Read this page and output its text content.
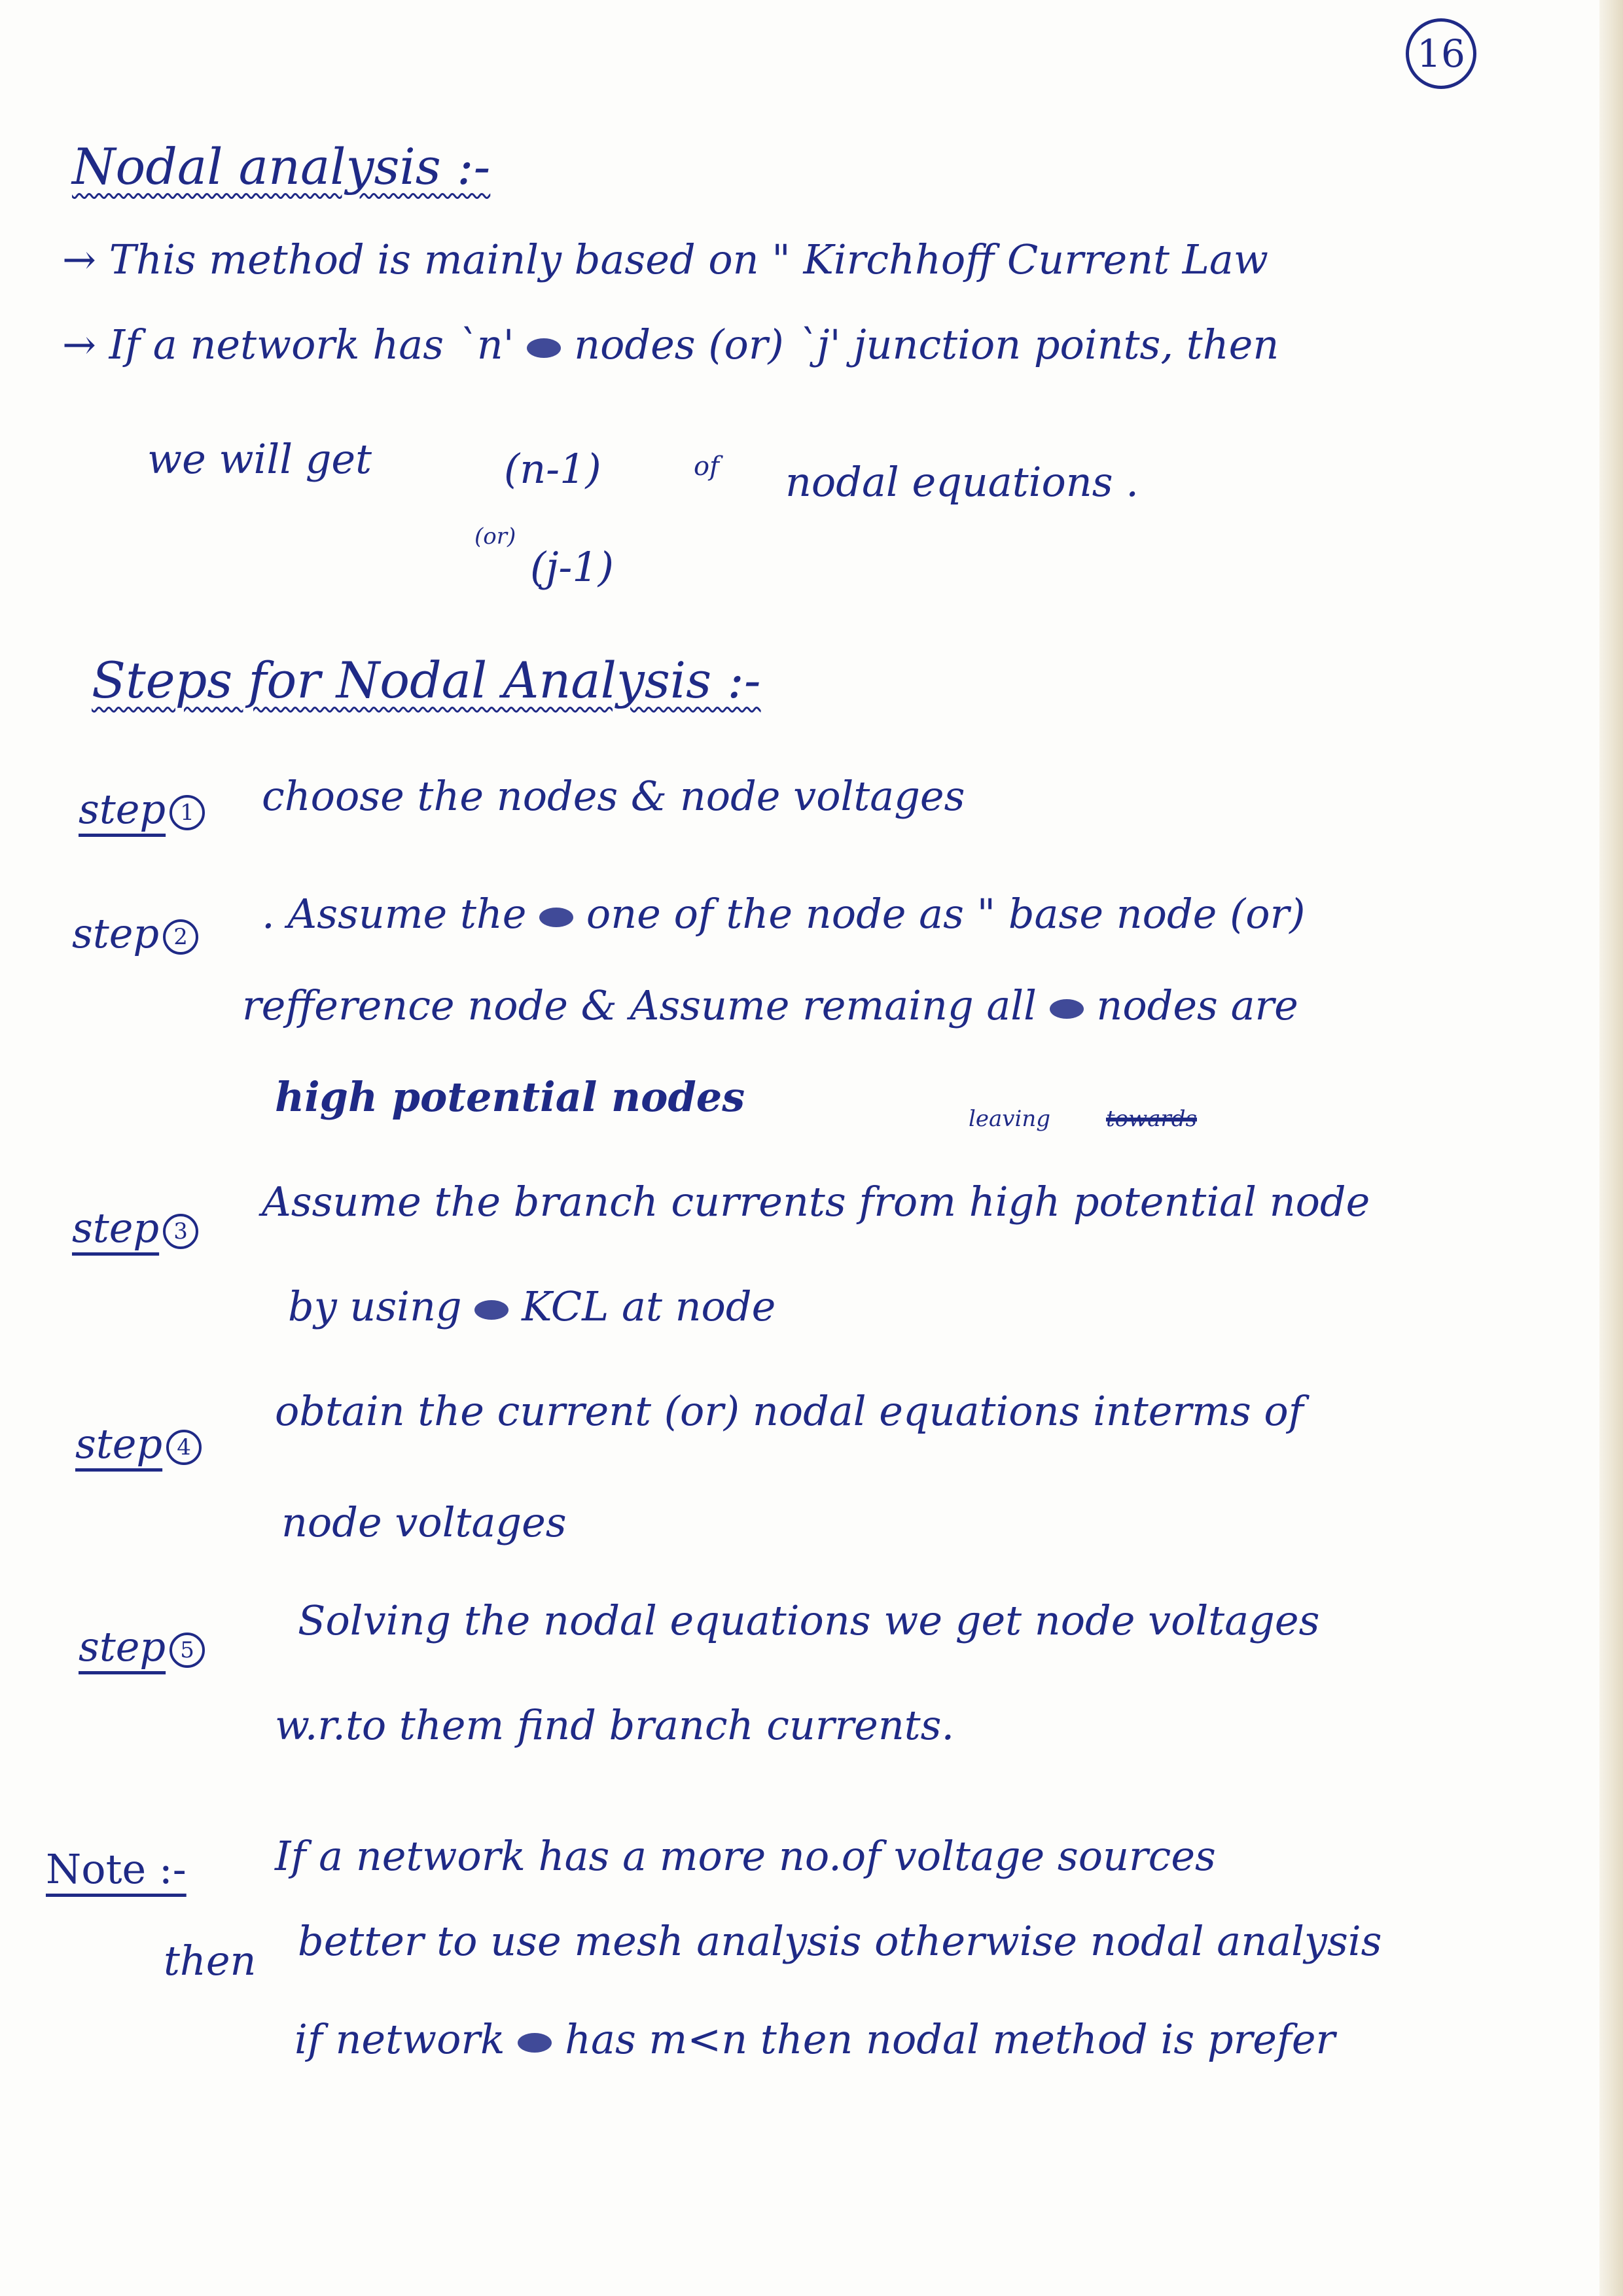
16
Nodal analysis :-
→ This method is mainly based on " Kirchhoff Current Law
→ If a network has `n' nodes (or) `j' junction points, then
we will get	(n-1)	of nodal equations .
(or)
(j-1)
Steps for Nodal Analysis :-
step 1 choose the nodes & node voltages
step 2 . Assume the one of the node as " base node (or)
refference node & Assume remaing all nodes are
high potential nodes	leaving towards
step 3
Assume the branch currents from high potential node
by using KCL at node
step 4
obtain the current (or) nodal equations interms of
node voltages
step 5
Solving the nodal equations we get node voltages
w.r.to them find branch currents.
Note :- If a network has a more no.of voltage sources
then better to use mesh analysis otherwise nodal analysis
if network has m<n then nodal method is prefer
